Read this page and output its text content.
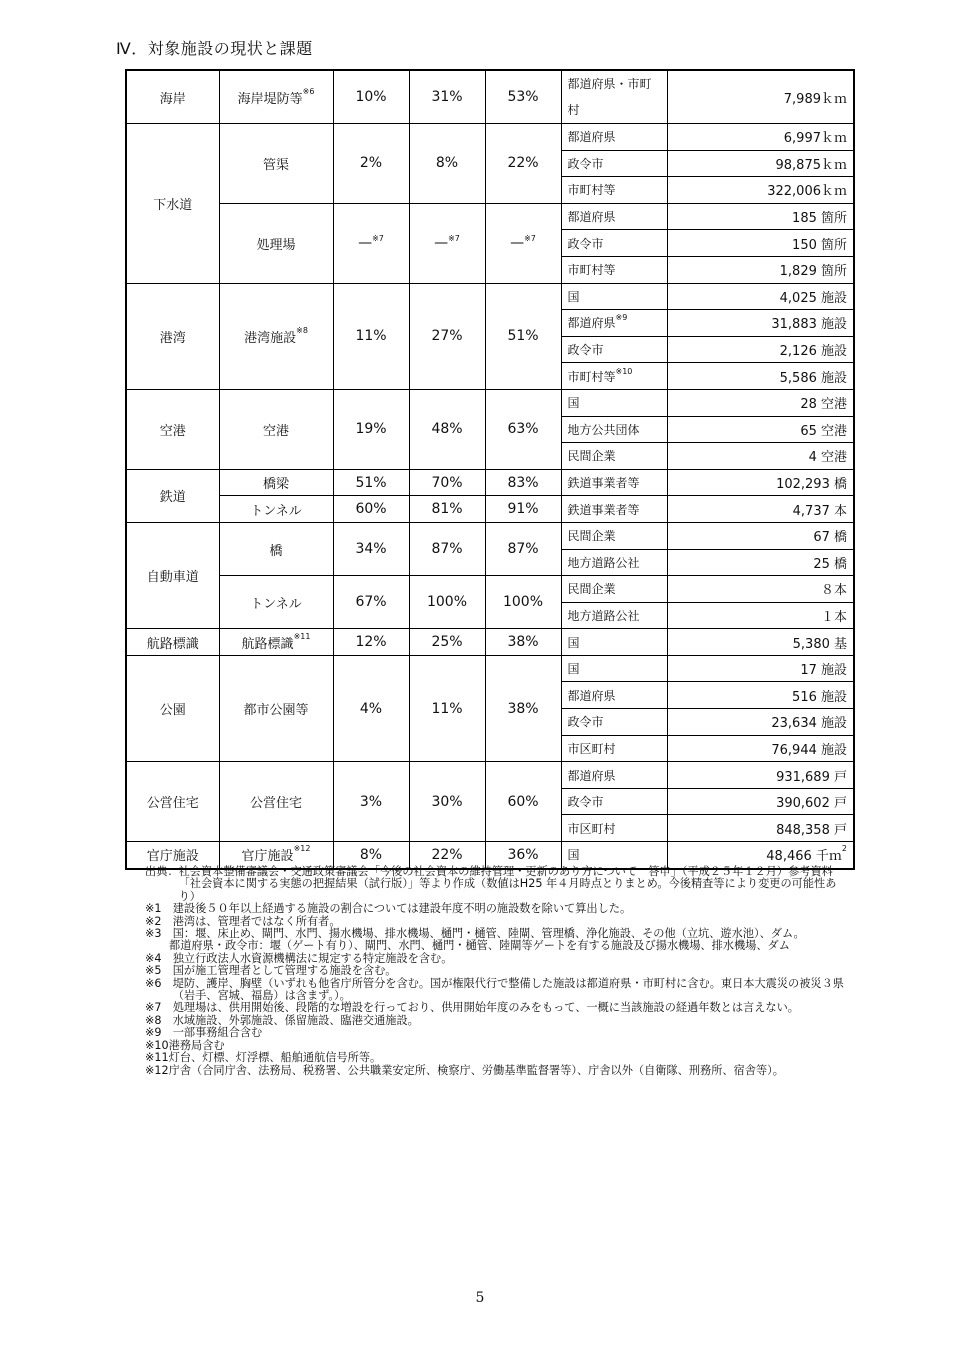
Ⅳ．対象施設の現状と課題
海岸	海岸堤防等$^{※6}$	10%	31%	53%	都道府県・市町村	7,989ｋｍ
下水道	管渠	2%	8%	22%	都道府県	6,997ｋｍ
					政令市	98,875ｋｍ
					市町村等	322,006ｋｍ
	処理場	—$^{※7}$	—$^{※7}$	—$^{※7}$	都道府県	185 箇所
					政令市	150 箇所
					市町村等	1,829 箇所
港湾	港湾施設$^{※8}$	11%	27%	51%	国	4,025 施設
					都道府県$^{※9}$	31,883 施設
					政令市	2,126 施設
					市町村等$^{※10}$	5,586 施設
空港	空港	19%	48%	63%	国	28 空港
					地方公共団体	65 空港
					民間企業	4 空港
鉄道	橋梁	51%	70%	83%	鉄道事業者等	102,293 橋
	トンネル	60%	81%	91%	鉄道事業者等	4,737 本
自動車道	橋	34%	87%	87%	民間企業	67 橋
					地方道路公社	25 橋
	トンネル	67%	100%	100%	民間企業	８本
					地方道路公社	１本
航路標識	航路標識$^{※11}$	12%	25%	38%	国	5,380 基
公園	都市公園等	4%	11%	38%	国	17 施設
					都道府県	516 施設
					政令市	23,634 施設
					市区町村	76,944 施設
公営住宅	公営住宅	3%	30%	60%	都道府県	931,689 戸
					政令市	390,602 戸
					市区町村	848,358 戸
官庁施設	官庁施設$^{※12}$	8%	22%	36%	国	48,466 千ｍ$^2$
出典： 社会資本整備審議会・交通政策審議会「今後の社会資本の維持管理・更新のあり方について　答申」（平成２５年１２月）参考資料「社会資本に関する実態の把握結果（試行版）」等より作成（数値はH25 年４月時点とりまとめ。今後精査等により変更の可能性あり）
※1　 建設後５０年以上経過する施設の割合については建設年度不明の施設数を除いて算出した。
※2　 港湾は、管理者ではなく所有者。
※3　 国：堰、床止め、閘門、水門、揚水機場、排水機場、樋門・樋管、陸閘、管理橋、浄化施設、その他（立坑、遊水池）、ダム。
都道府県・政令市：堰（ゲート有り）、閘門、水門、樋門・樋管、陸閘等ゲートを有する施設及び揚水機場、排水機場、ダム
※4　 独立行政法人水資源機構法に規定する特定施設を含む。
※5　 国が施工管理者として管理する施設を含む。
※6　 堤防、護岸、胸壁（いずれも他省庁所管分を含む。国が権限代行で整備した施設は都道府県・市町村に含む。東日本大震災の被災３県（岩手、宮城、福島）は含まず。）。
※7　 処理場は、供用開始後、段階的な増設を行っており、供用開始年度のみをもって、一概に当該施設の経過年数とは言えない。
※8　 水域施設、外郭施設、係留施設、臨港交通施設。
※9　 一部事務組合含む
※10 港務局含む
※11 灯台、灯標、灯浮標、船舶通航信号所等。
※12 庁舎（合同庁舎、法務局、税務署、公共職業安定所、検察庁、労働基準監督署等）、庁舎以外（自衛隊、刑務所、宿舎等）。
5
